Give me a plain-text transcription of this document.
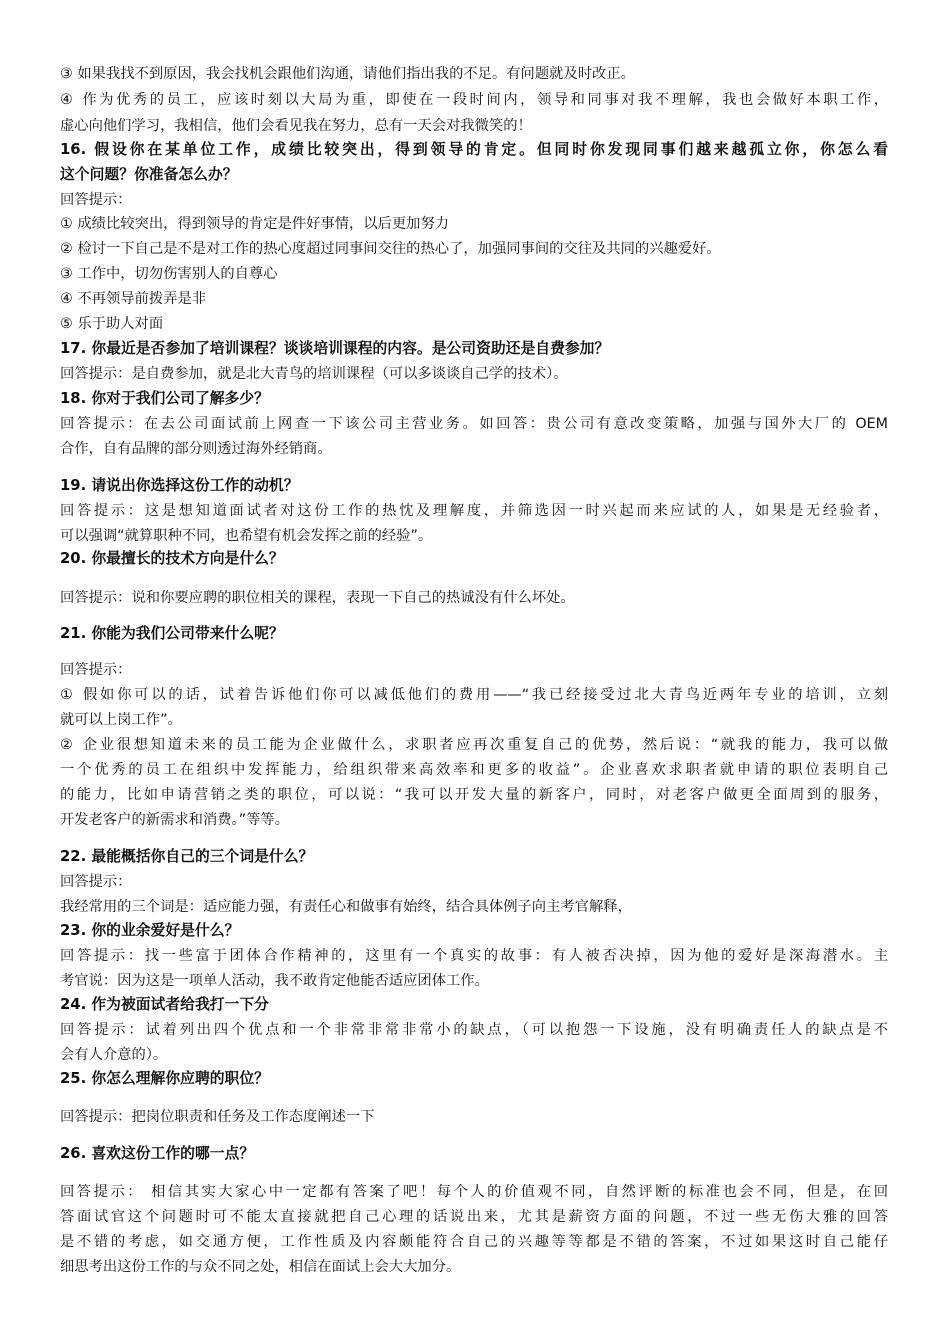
③ 如果我找不到原因，我会找机会跟他们沟通，请他们指出我的不足。有问题就及时改正。
④ 作为优秀的员工，应该时刻以大局为重，即使在一段时间内，领导和同事对我不理解，我也会做好本职工作，
虚心向他们学习，我相信，他们会看见我在努力，总有一天会对我微笑的！
16. 假设你在某单位工作，成绩比较突出，得到领导的肯定。但同时你发现同事们越来越孤立你，你怎么看
这个问题？你准备怎么办？
回答提示：
① 成绩比较突出，得到领导的肯定是件好事情，以后更加努力
② 检讨一下自己是不是对工作的热心度超过同事间交往的热心了，加强同事间的交往及共同的兴趣爱好。
③ 工作中，切勿伤害别人的自尊心
④ 不再领导前拨弄是非
⑤ 乐于助人对面
17. 你最近是否参加了培训课程？谈谈培训课程的内容。是公司资助还是自费参加？
回答提示：是自费参加，就是北大青鸟的培训课程（可以多谈谈自己学的技术）。
18. 你对于我们公司了解多少？
回答提示：在去公司面试前上网查一下该公司主营业务。如回答：贵公司有意改变策略，加强与国外大厂的 OEM
合作，自有品牌的部分则透过海外经销商。
19. 请说出你选择这份工作的动机？
回答提示：这是想知道面试者对这份工作的热忱及理解度，并筛选因一时兴起而来应试的人，如果是无经验者，
可以强调“就算职种不同，也希望有机会发挥之前的经验”。
20. 你最擅长的技术方向是什么？
回答提示：说和你要应聘的职位相关的课程，表现一下自己的热诚没有什么坏处。
21. 你能为我们公司带来什么呢？
回答提示：
① 假如你可以的话，试着告诉他们你可以减低他们的费用——“我已经接受过北大青鸟近两年专业的培训，立刻
就可以上岗工作”。
② 企业很想知道未来的员工能为企业做什么，求职者应再次重复自己的优势，然后说：“就我的能力，我可以做
一个优秀的员工在组织中发挥能力，给组织带来高效率和更多的收益”。企业喜欢求职者就申请的职位表明自己
的能力，比如申请营销之类的职位，可以说：“我可以开发大量的新客户，同时，对老客户做更全面周到的服务，
开发老客户的新需求和消费。”等等。
22. 最能概括你自己的三个词是什么？
回答提示：
我经常用的三个词是：适应能力强，有责任心和做事有始终，结合具体例子向主考官解释，
23. 你的业余爱好是什么？
回答提示：找一些富于团体合作精神的，这里有一个真实的故事：有人被否决掉，因为他的爱好是深海潜水。主
考官说：因为这是一项单人活动，我不敢肯定他能否适应团体工作。
24. 作为被面试者给我打一下分
回答提示：试着列出四个优点和一个非常非常非常小的缺点，（可以抱怨一下设施，没有明确责任人的缺点是不
会有人介意的）。
25. 你怎么理解你应聘的职位？
回答提示：把岗位职责和任务及工作态度阐述一下
26. 喜欢这份工作的哪一点？
回答提示： 相信其实大家心中一定都有答案了吧！每个人的价值观不同，自然评断的标准也会不同，但是，在回
答面试官这个问题时可不能太直接就把自己心理的话说出来，尤其是薪资方面的问题，不过一些无伤大雅的回答
是不错的考虑，如交通方便，工作性质及内容颇能符合自己的兴趣等等都是不错的答案，不过如果这时自己能仔
细思考出这份工作的与众不同之处，相信在面试上会大大加分。
